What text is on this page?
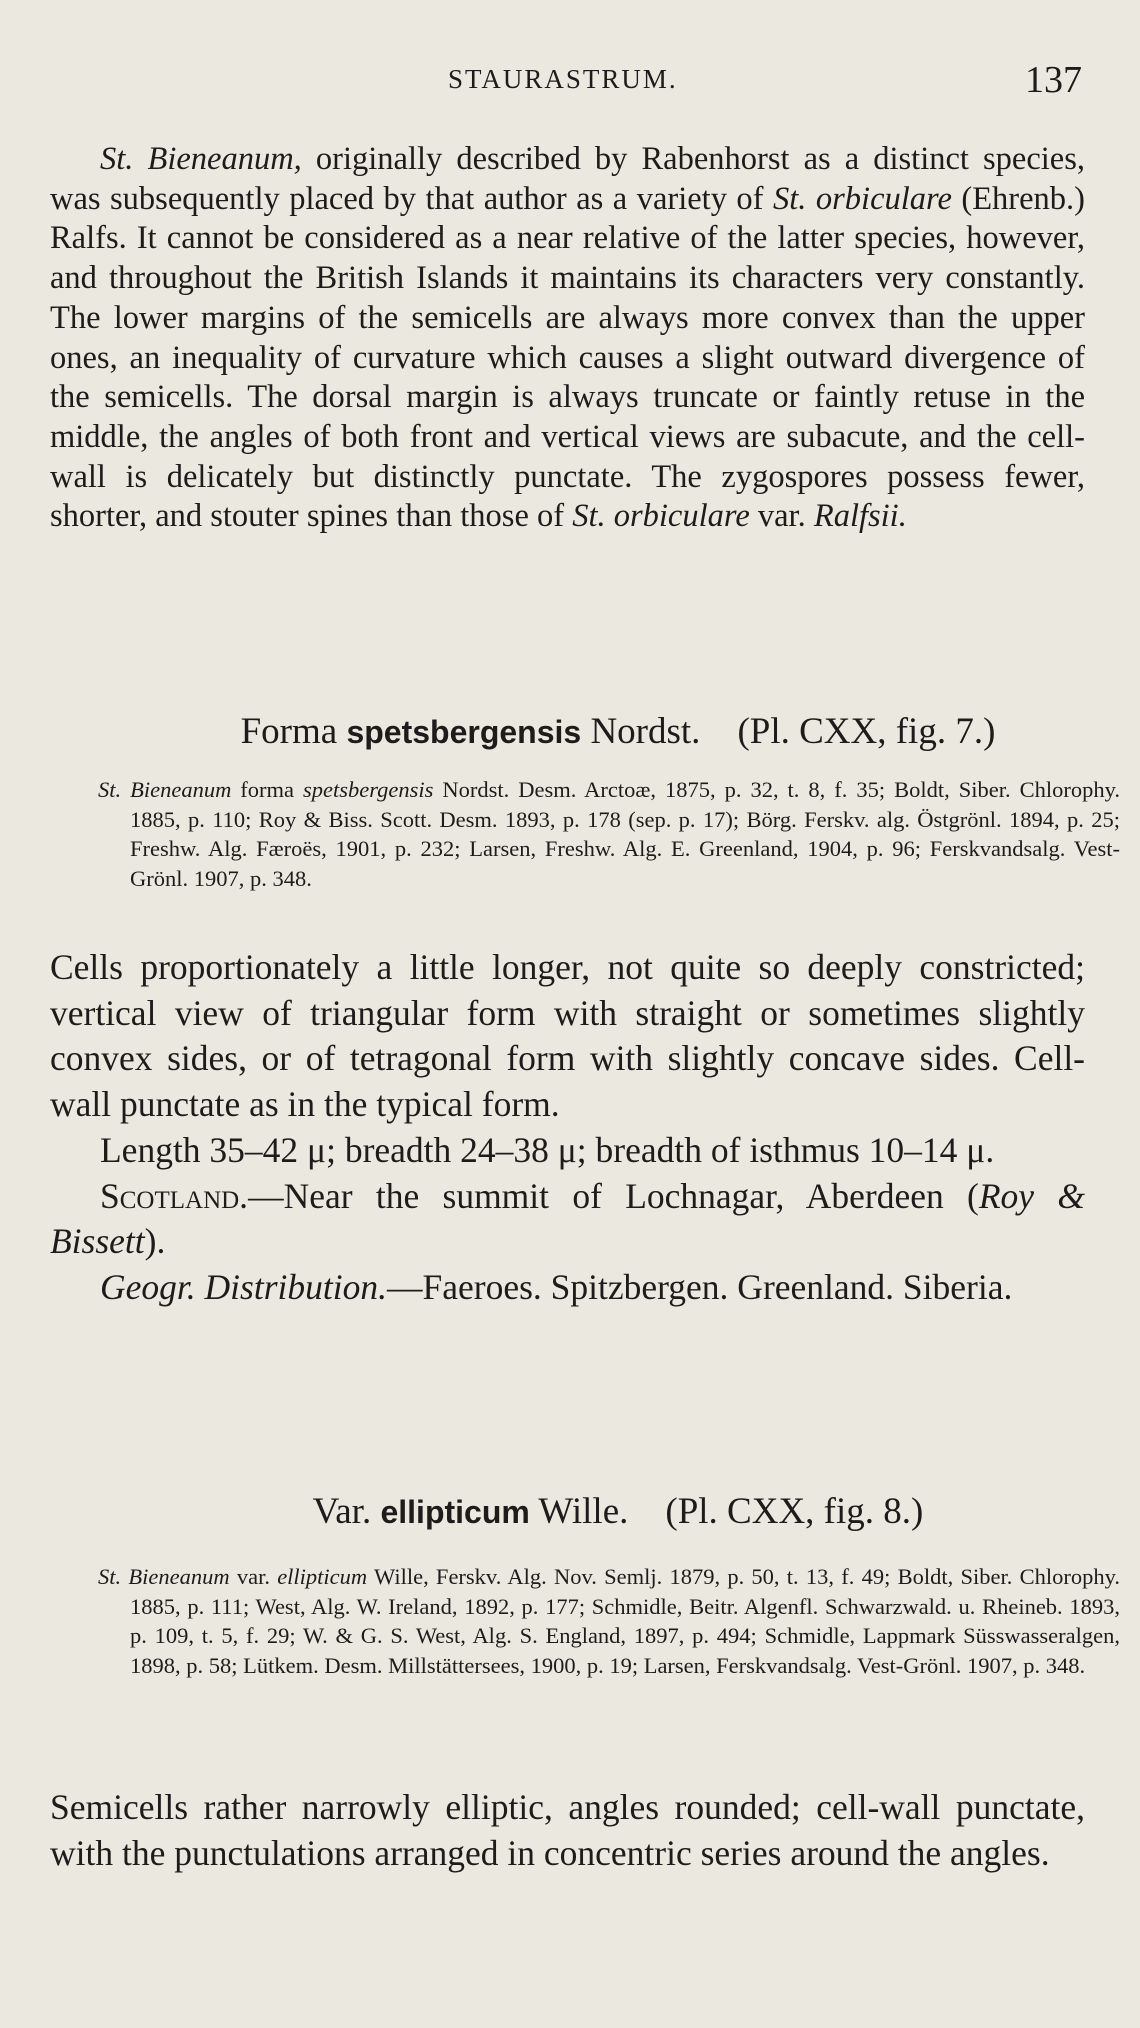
STAURASTRUM.	137

St. Bieneanum, originally described by Rabenhorst as a distinct species, was subsequently placed by that author as a variety of St. orbiculare (Ehrenb.) Ralfs. It cannot be considered as a near relative of the latter species, however, and throughout the British Islands it maintains its characters very constantly. The lower margins of the semicells are always more convex than the upper ones, an inequality of curvature which causes a slight outward divergence of the semicells. The dorsal margin is always truncate or faintly retuse in the middle, the angles of both front and vertical views are subacute, and the cell-wall is delicately but distinctly punctate. The zygospores possess fewer, shorter, and stouter spines than those of St. orbiculare var. Ralfsii.

Forma spetsbergensis Nordst. (Pl. CXX, fig. 7.)

St. Bieneanum forma spetsbergensis Nordst. Desm. Arctoæ, 1875, p. 32, t. 8, f. 35; Boldt, Siber. Chlorophy. 1885, p. 110; Roy & Biss. Scott. Desm. 1893, p. 178 (sep. p. 17); Börg. Ferskv. alg. Östgrönl. 1894, p. 25; Freshw. Alg. Færoës, 1901, p. 232; Larsen, Freshw. Alg. E. Greenland, 1904, p. 96; Ferskvandsalg. Vest-Grönl. 1907, p. 348.

Cells proportionately a little longer, not quite so deeply constricted; vertical view of triangular form with straight or sometimes slightly convex sides, or of tetragonal form with slightly concave sides. Cell-wall punctate as in the typical form.

Length 35–42 μ; breadth 24–38 μ; breadth of isthmus 10–14 μ.

Scotland.—Near the summit of Lochnagar, Aberdeen (Roy & Bissett).

Geogr. Distribution.—Faeroes. Spitzbergen. Greenland. Siberia.

Var. ellipticum Wille. (Pl. CXX, fig. 8.)

St. Bieneanum var. ellipticum Wille, Ferskv. Alg. Nov. Semlj. 1879, p. 50, t. 13, f. 49; Boldt, Siber. Chlorophy. 1885, p. 111; West, Alg. W. Ireland, 1892, p. 177; Schmidle, Beitr. Algenfl. Schwarzwald. u. Rheineb. 1893, p. 109, t. 5, f. 29; W. & G. S. West, Alg. S. England, 1897, p. 494; Schmidle, Lappmark Süsswasseralgen, 1898, p. 58; Lütkem. Desm. Millstättersees, 1900, p. 19; Larsen, Ferskvandsalg. Vest-Grönl. 1907, p. 348.

Semicells rather narrowly elliptic, angles rounded; cell-wall punctate, with the punctulations arranged in concentric series around the angles.
